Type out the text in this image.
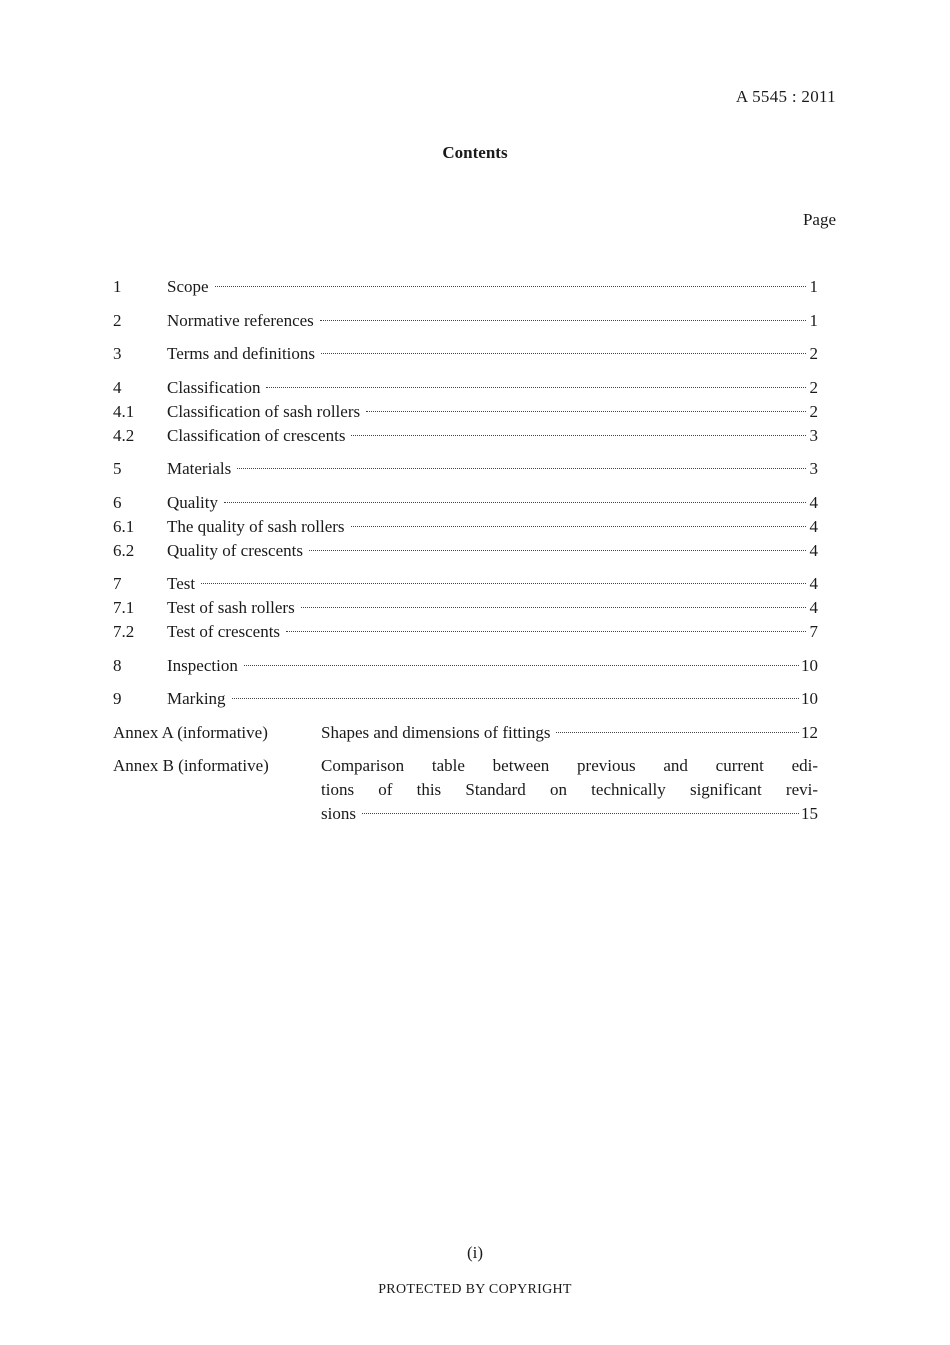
A 5545 : 2011
Contents
Page
1	Scope	1
2	Normative references	1
3	Terms and definitions	2
4	Classification	2
4.1	Classification of sash rollers	2
4.2	Classification of crescents	3
5	Materials	3
6	Quality	4
6.1	The quality of sash rollers	4
6.2	Quality of crescents	4
7	Test	4
7.1	Test of sash rollers	4
7.2	Test of crescents	7
8	Inspection	10
9	Marking	10
Annex A (informative)	Shapes and dimensions of fittings	12
Annex B (informative)	Comparison table between previous and current edi-
tions of this Standard on technically significant revi-
sions	15
(i)
PROTECTED BY COPYRIGHT
